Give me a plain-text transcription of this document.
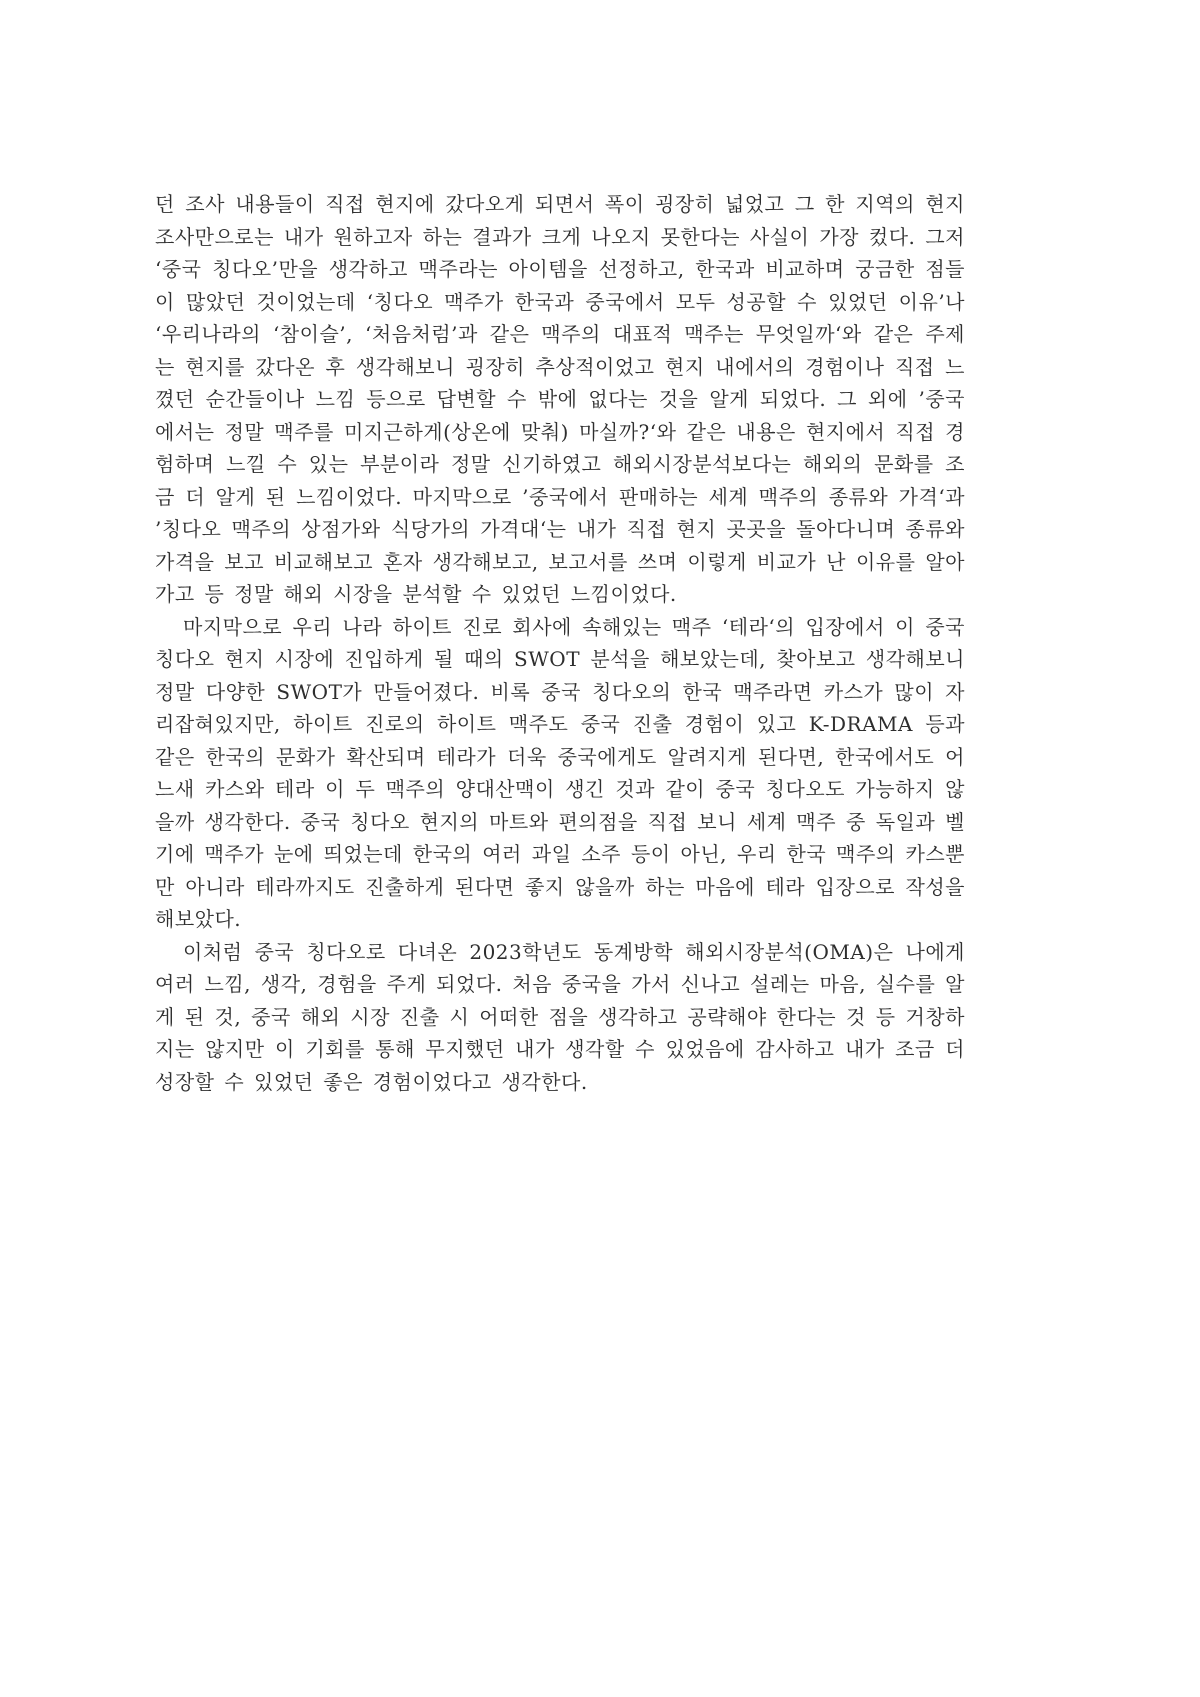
던 조사 내용들이 직접 현지에 갔다오게 되면서 폭이 굉장히 넓었고 그 한 지역의 현지 조사만으로는 내가 원하고자 하는 결과가 크게 나오지 못한다는 사실이 가장 컸다. 그저 ‘중국 칭다오’만을 생각하고 맥주라는 아이템을 선정하고, 한국과 비교하며 궁금한 점들이 많았던 것이었는데 ‘칭다오 맥주가 한국과 중국에서 모두 성공할 수 있었던 이유’나 ‘우리나라의 ‘참이슬’, ‘처음처럼’과 같은 맥주의 대표적 맥주는 무엇일까‘와 같은 주제는 현지를 갔다온 후 생각해보니 굉장히 추상적이었고 현지 내에서의 경험이나 직접 느꼈던 순간들이나 느낌 등으로 답변할 수 밖에 없다는 것을 알게 되었다. 그 외에 ’중국에서는 정말 맥주를 미지근하게(상온에 맞춰) 마실까?‘와 같은 내용은 현지에서 직접 경험하며 느낄 수 있는 부분이라 정말 신기하였고 해외시장분석보다는 해외의 문화를 조금 더 알게 된 느낌이었다. 마지막으로 ’중국에서 판매하는 세계 맥주의 종류와 가격‘과 ’칭다오 맥주의 상점가와 식당가의 가격대‘는 내가 직접 현지 곳곳을 돌아다니며 종류와 가격을 보고 비교해보고 혼자 생각해보고, 보고서를 쓰며 이렇게 비교가 난 이유를 알아가고 등 정말 해외 시장을 분석할 수 있었던 느낌이었다.

마지막으로 우리 나라 하이트 진로 회사에 속해있는 맥주 ‘테라‘의 입장에서 이 중국 칭다오 현지 시장에 진입하게 될 때의 SWOT 분석을 해보았는데, 찾아보고 생각해보니 정말 다양한 SWOT가 만들어졌다. 비록 중국 칭다오의 한국 맥주라면 카스가 많이 자리잡혀있지만, 하이트 진로의 하이트 맥주도 중국 진출 경험이 있고 K-DRAMA 등과 같은 한국의 문화가 확산되며 테라가 더욱 중국에게도 알려지게 된다면, 한국에서도 어느새 카스와 테라 이 두 맥주의 양대산맥이 생긴 것과 같이 중국 칭다오도 가능하지 않을까 생각한다. 중국 칭다오 현지의 마트와 편의점을 직접 보니 세계 맥주 중 독일과 벨기에 맥주가 눈에 띄었는데 한국의 여러 과일 소주 등이 아닌, 우리 한국 맥주의 카스뿐만 아니라 테라까지도 진출하게 된다면 좋지 않을까 하는 마음에 테라 입장으로 작성을 해보았다.

이처럼 중국 칭다오로 다녀온 2023학년도 동계방학 해외시장분석(OMA)은 나에게 여러 느낌, 생각, 경험을 주게 되었다. 처음 중국을 가서 신나고 설레는 마음, 실수를 알게 된 것, 중국 해외 시장 진출 시 어떠한 점을 생각하고 공략해야 한다는 것 등 거창하지는 않지만 이 기회를 통해 무지했던 내가 생각할 수 있었음에 감사하고 내가 조금 더 성장할 수 있었던 좋은 경험이었다고 생각한다.
